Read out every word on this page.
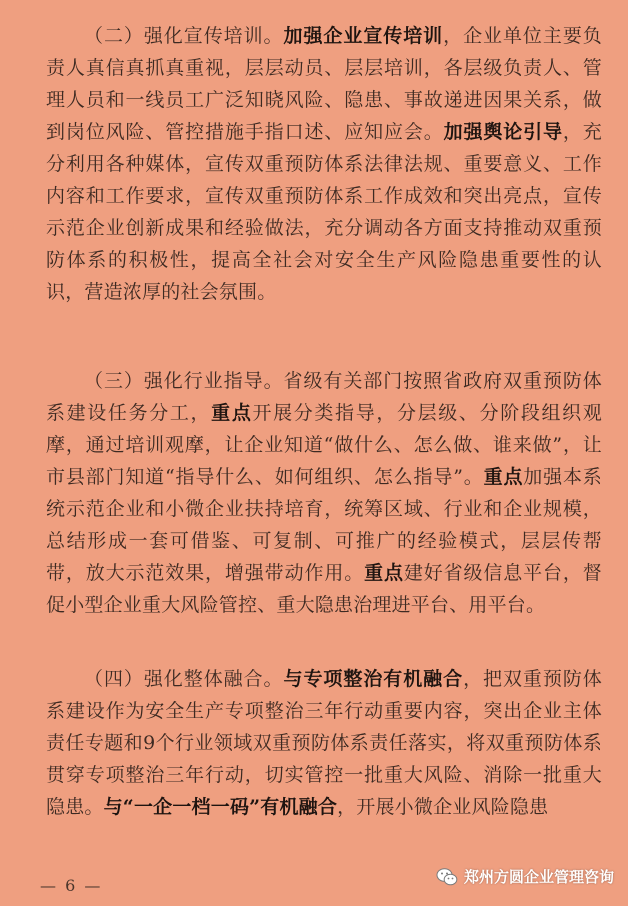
（二）强化宣传培训。加强企业宣传培训，企业单位主要负责人真信真抓真重视，层层动员、层层培训，各层级负责人、管理人员和一线员工广泛知晓风险、隐患、事故递进因果关系，做到岗位风险、管控措施手指口述、应知应会。加强舆论引导，充分利用各种媒体，宣传双重预防体系法律法规、重要意义、工作内容和工作要求，宣传双重预防体系工作成效和突出亮点，宣传示范企业创新成果和经验做法，充分调动各方面支持推动双重预防体系的积极性，提高全社会对安全生产风险隐患重要性的认识，营造浓厚的社会氛围。

（三）强化行业指导。省级有关部门按照省政府双重预防体系建设任务分工，重点开展分类指导，分层级、分阶段组织观摩，通过培训观摩，让企业知道“做什么、怎么做、谁来做”，让市县部门知道“指导什么、如何组织、怎么指导”。重点加强本系统示范企业和小微企业扶持培育，统筹区域、行业和企业规模，总结形成一套可借鉴、可复制、可推广的经验模式，层层传帮带，放大示范效果，增强带动作用。重点建好省级信息平台，督促小型企业重大风险管控、重大隐患治理进平台、用平台。

（四）强化整体融合。与专项整治有机融合，把双重预防体系建设作为安全生产专项整治三年行动重要内容，突出企业主体责任专题和9个行业领域双重预防体系责任落实，将双重预防体系贯穿专项整治三年行动，切实管控一批重大风险、消除一批重大隐患。与“一企一档一码”有机融合，开展小微企业风险隐患

— 6 —	郑州方圆企业管理咨询
